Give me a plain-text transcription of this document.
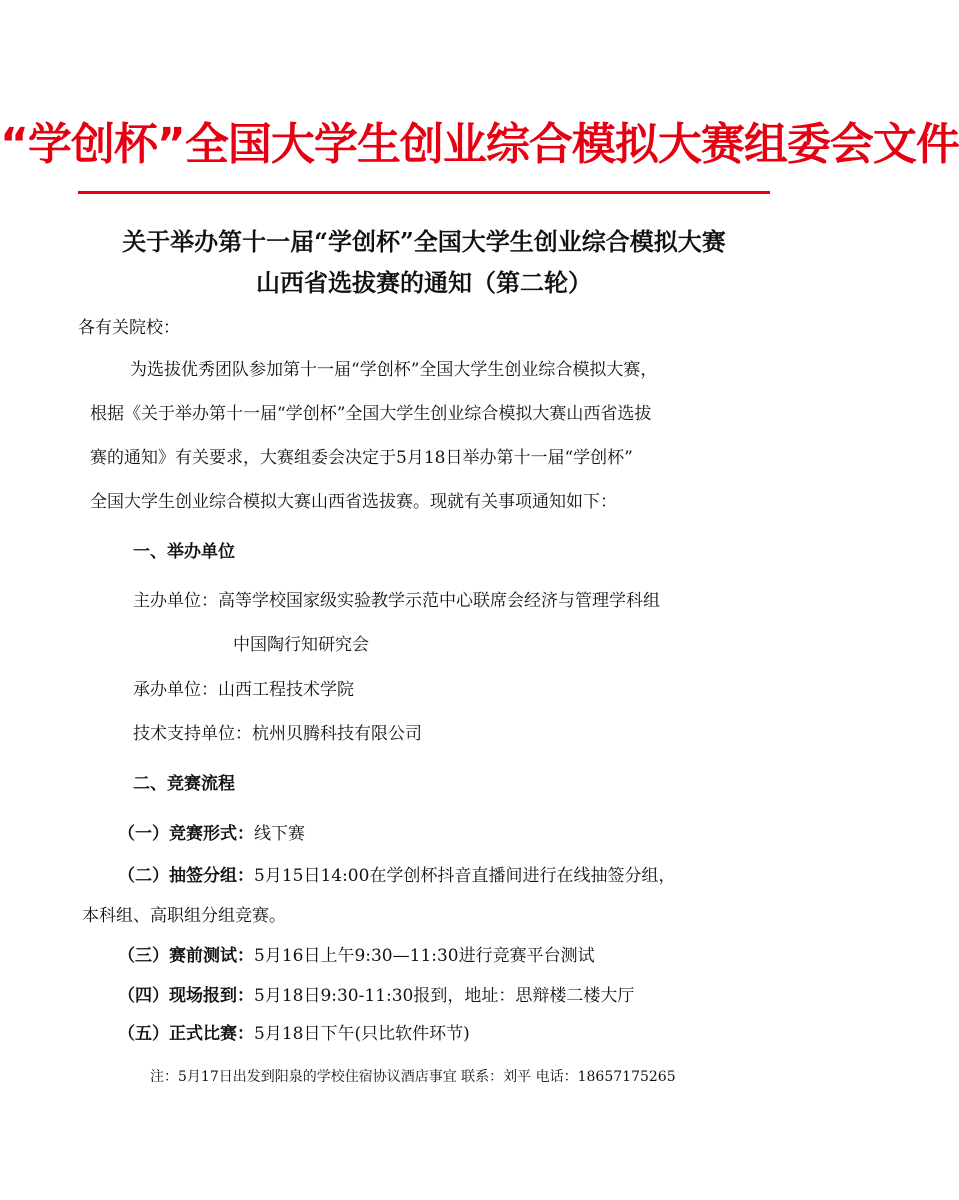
“学创杯”全国大学生创业综合模拟大赛组委会文件
关于举办第十一届“学创杯”全国大学生创业综合模拟大赛
山西省选拔赛的通知（第二轮）
各有关院校：
为选拔优秀团队参加第十一届“学创杯”全国大学生创业综合模拟大赛，
根据《关于举办第十一届“学创杯”全国大学生创业综合模拟大赛山西省选拔
赛的通知》有关要求，大赛组委会决定于5月18日举办第十一届“学创杯”
全国大学生创业综合模拟大赛山西省选拔赛。现就有关事项通知如下：
一、举办单位
主办单位：高等学校国家级实验教学示范中心联席会经济与管理学科组
中国陶行知研究会
承办单位：山西工程技术学院
技术支持单位：杭州贝腾科技有限公司
二、竞赛流程
（一）竞赛形式：线下赛
（二）抽签分组：5月15日14:00在学创杯抖音直播间进行在线抽签分组，
本科组、高职组分组竞赛。
（三）赛前测试：5月16日上午9:30—11:30进行竞赛平台测试
（四）现场报到：5月18日9:30-11:30报到，地址：思辩楼二楼大厅
（五）正式比赛：5月18日下午(只比软件环节)
注：5月17日出发到阳泉的学校住宿协议酒店事宜 联系：刘平 电话：18657175265
